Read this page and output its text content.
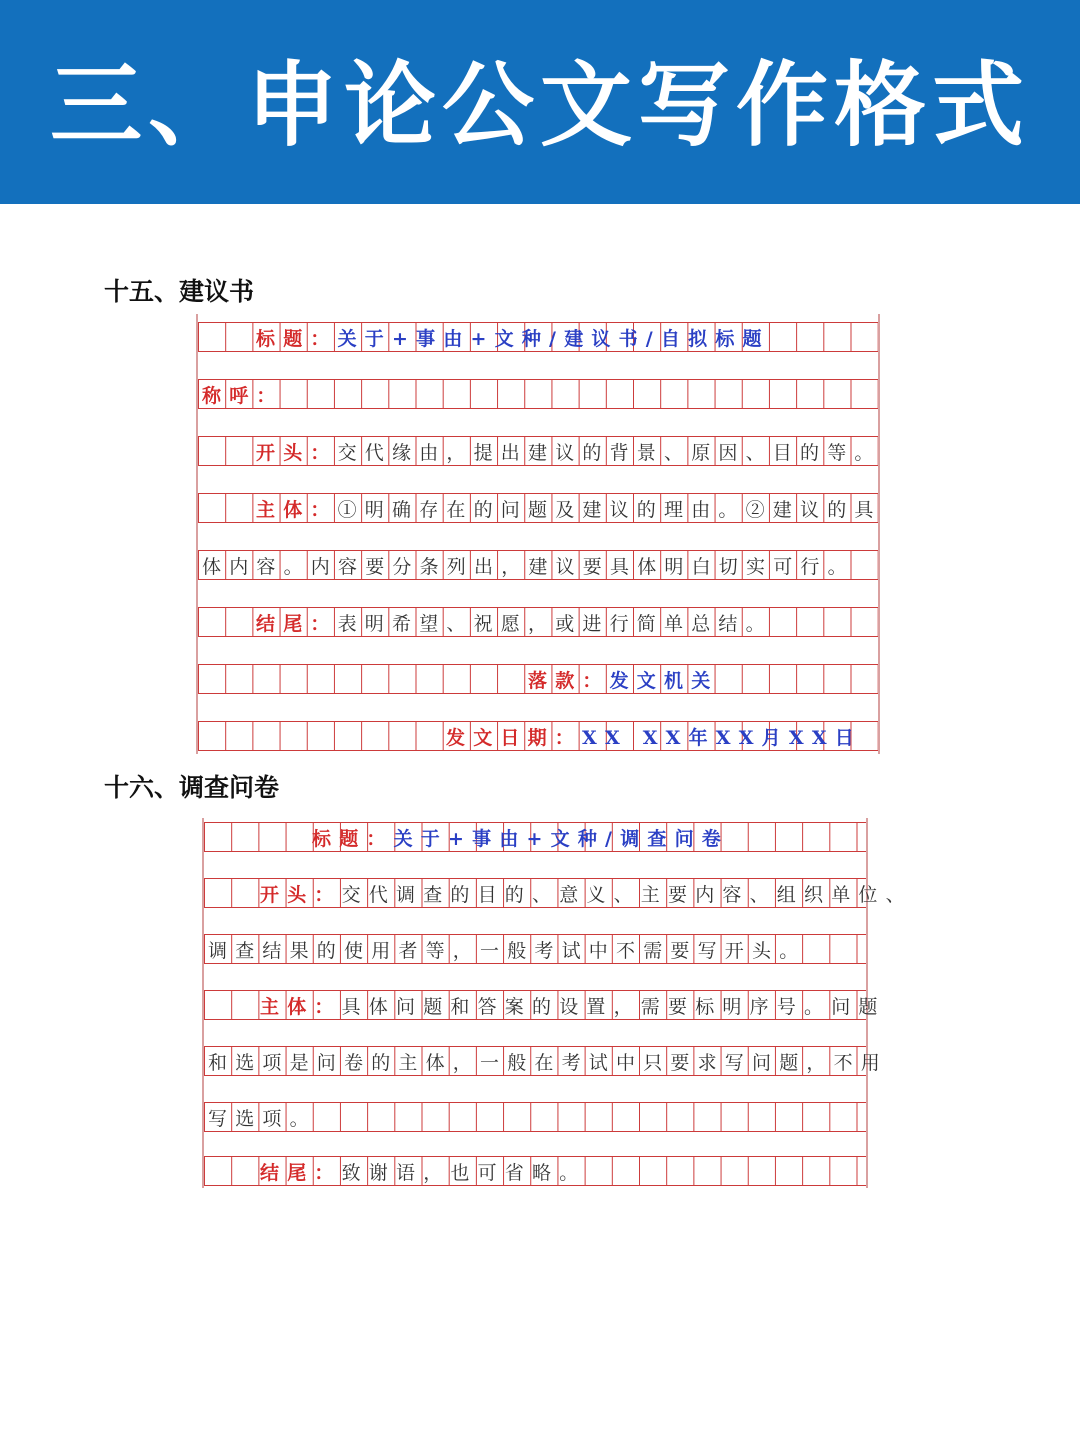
三、申论公文写作格式
十五、建议书
标题： 关于+事由+文种/建议书/自拟标题
称呼：
开头： 交代缘由，提出建议的背景、原因、目的等。
主体： ①明确存在的问题及建议的理由。②建议的具
体内容。内容要分条列出，建议要具体明白切实可行。
结尾： 表明希望、祝愿，或进行简单总结。
落款： 发文机关
发文日期： XX XX年XX月XX日
十六、调查问卷
标题： 关于+事由+文种/调查问卷
开头： 交代调查的目的、意义、主要内容、组织单位、
调查结果的使用者等，一般考试中不需要写开头。
主体： 具体问题和答案的设置，需要标明序号。问题
和选项是问卷的主体，一般在考试中只要求写问题，不用
写选项。
结尾： 致谢语，也可省略。
